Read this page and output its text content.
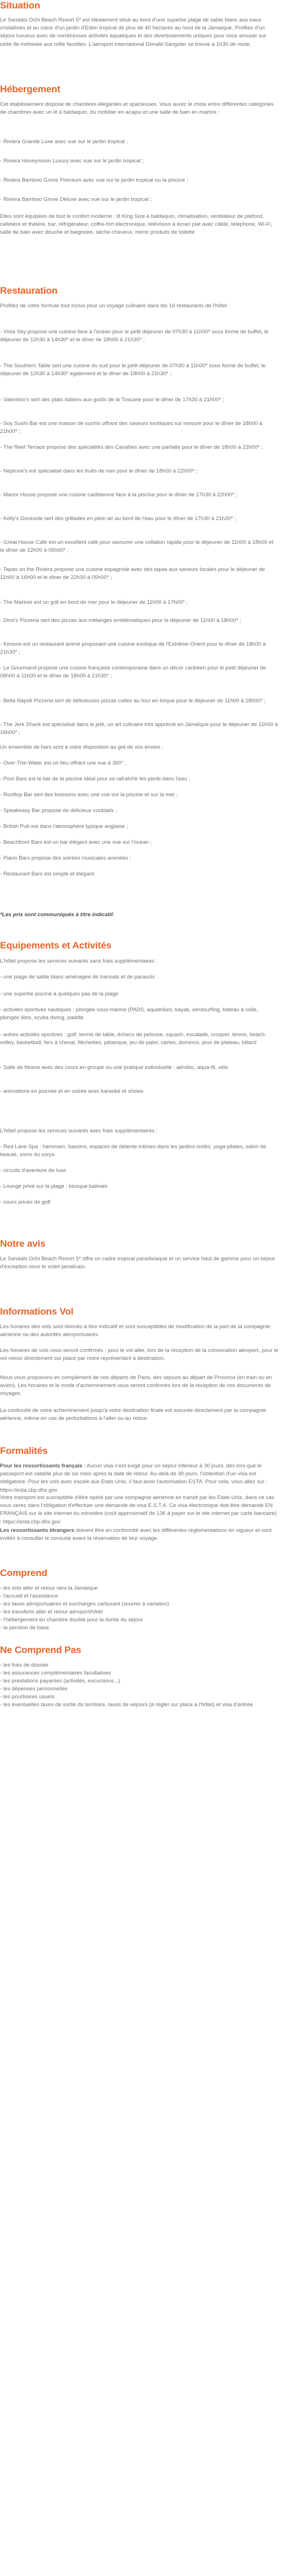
Situation

Le Sandals Ochi Beach Resort 5* est idéalement situé au bord d'une superbe plage de sable blanc aux eaux cristallines et au cœur d'un jardin d'Eden tropical de plus de 40 hectares au nord de la Jamaïque. Profitez d'un séjour luxueux avec de nombreuses activités aquatiques et des divertissements uniques pour vous amuser sur cette île métissée aux mille facettes. L'aéroport international Donald-Sangster se trouve à 1h30 de route.

Hébergement

Cet établissement dispose de chambres élégantes et spacieuses. Vous aurez le choix entre différentes catégories de chambres avec un lit à baldaquin, du mobilier en acajou et une salle de bain en marbre :

- Riviera Grande Luxe avec vue sur le jardin tropical ;

- Riviera Honeymoon Luxury avec vue sur le jardin tropical ;

- Riviera Bamboo Grove Premium avec vue sur le jardin tropical ou la piscine ;

- Riviera Bamboo Grove Deluxe avec vue sur le jardin tropical ;

Elles sont équipées de tout le confort moderne : lit King Size à baldaquin, climatisation, ventilateur de plafond, cafetière et théière, bar, réfrigérateur, coffre-fort électronique, télévision à écran plat avec câble, téléphone, Wi-Fi, salle de bain avec douche et baignoire, sèche-cheveux, miroir produits de toilette

Restauration

Profitez de votre formule tout inclus pour un voyage culinaire dans les 16 restaurants de l'hôtel :

- Vista Sky propose une cuisine face à l'océan pour le petit déjeuner de 07h30 à 11h00* sous forme de buffet, le déjeuner de 12h30 à 14h30* et le dîner de 18h00 à 21h30* ;

- The Southern Table sert une cuisine du sud pour le petit déjeuner de 07h30 à 11h00* sous forme de buffet, le déjeuner de 12h30 à 14h30* également et le dîner de 18h00 à 21h30* ;

- Valentino's sert des plats italiens aux goûts de la Toscane pour le dîner de 17h30 à 21h00* ;

- Soy Sushi Bar est une maison de sushis offrant des saveurs exotiques sur mesure pour le dîner de 18h00 à 21h00* ;

- The Reef Terrace propose des spécialités des Caraïbes avec une parfaite pour le dîner de 18h00 à 22h00* ;

- Neptune's est spécialisé dans les fruits de mer pour le dîner de 18h00 à 22h00* ;

- Manor House propose une cuisine caribéenne face à la piscine pour le dîner de 17h30 à 22h00* ;

- Kelly's Dockside sert des grillades en plein air au bord de l'eau pour le dîner de 17h30 à 21h30* ;

- Great House Café est un excellent café pour savourer une collation rapide pour le déjeuner de 11h00 à 18h00 et le dîner de 22h00 à 05h00* ;

- Tapas on the Riviera propose une cuisine espagnole avec des tapas aux saveurs locales pour le déjeuner de 11h00 à 16h00 et le dîner de 22h30 à 05h00* ;

- The Mariner est un grill en bord de mer pour le déjeuner de 11h00 à 17h00* ;

- Dino's Pizzeria sert des pizzas aux mélanges emblématiques pour le déjeuner de 11h00 à 18h00* ;

- Kimono est un restaurant animé proposant une cuisine exotique de l'Extrême-Orient pour le dîner de 18h00 à 21h30* ;

- Le Gourmand propose une cuisine française contemporaine dans un décor caribéen pour le petit déjeuner de 08h00 à 11h00 et le dîner de 18h00 à 21h30* ;

- Bella Napoli Pizzeria sert de délicieuses pizzas cuites au four en brique pour le déjeuner de 11h00 à 18h00* ;

- The Jerk Shack est spécialisé dans le jerk, un art culinaire très apprécié en Jamaïque pour le déjeuner de 11h00 à 16h00* ;

Un ensemble de bars sont à votre disposition au gré de vos envies :

- Over-The-Water est un lieu offrant une vue à 360° ;

- Pool Bars est le bar de la piscine idéal pour se rafraîchir les pieds dans l'eau ;

- Rooftop Bar sert des boissons avec une vue sur la piscine et sur la mer ;

- Speakeasy Bar propose de délicieux cocktails ;

- British Pub est dans l'atmosphère typique anglaise ;

- Beachfront Bars est un bar élégant avec une vue sur l'océan ;

- Piano Bars propose des soirées musicales animées ;

- Restaurant Bars est simple et élégant.

*Les prix sont communiqués à titre indicatif.

Equipements et Activités

L'hôtel propose les services suivants sans frais supplémentaires :

- une plage de sable blanc aménagée de transats et de parasols

- une superbe piscine à quelques pas de la plage

- activités sportives nautiques : plongée sous-marine (PADI), aquatrikes, kayak, windsurfing, bateau à voile, plongée libre, scuba diving, paddle

- autres activités sportives : golf, tennis de table, échecs de pelouse, squash, escalade, croquet, tennis, beach-volley, basketball, fers à cheval, fléchettes, pétanque, jeu de palet, cartes, dominos, jeux de plateau, billard

- Salle de fitness avec des cours en groupe ou une pratique individuelle : aérobic, aqua-fit, vélo

- animations en journée et en soirée avec karaoké et shows

L'hôtel propose les services suivants avec frais supplémentaires :

- Red Lane Spa : hammam, bassins, espaces de détente intimes dans les jardins isolés, yoga-pilates, salon de beauté, soins du corps

- circuits d'aventure de luxe

- Lounge privé sur la plage : kiosque balinais

- cours privés de golf

Notre avis

Le Sandals Ochi Beach Resort 5* offre un cadre tropical paradisiaque et un service haut de gamme pour un séjour d'exception sous le soleil jamaïcain.

Informations Vol

Les horaires des vols sont donnés à titre indicatif et sont susceptibles de modification de la part de la compagnie aérienne ou des autorités aéroportuaires.

Les horaires de vols vous seront confirmés : pour le vol aller, lors de la réception de la convocation aéroport, pour le vol retour directement sur place par notre représentant à destination.

Nous vous proposons en complément de nos départs de Paris, des séjours au départ de Province (en train ou en avion). Les horaires et le mode d'acheminement vous seront confirmés lors de la réception de vos documents de voyages.

La continuité de votre acheminement jusqu'à votre destination finale est assurée directement par la compagnie aérienne, même en cas de perturbations à l'aller ou au retour.

Formalités

Pour les ressortissants français : Aucun visa n'est exigé pour un séjour inférieur à 30 jours, dès lors que le passeport est valable plus de six mois après la date de retour. Au-delà de 30 jours, l'obtention d'un visa est obligatoire. Pour les vols avec escale aux Etats Unis, il faut avoir l'autorisation ESTA. Pour cela, vous allez sur : https://esta.cbp.dhs.gov

Votre transport est susceptible d'être opéré par une compagnie aérienne en transit par les Etats-Unis, dans ce cas vous serez dans l'obligation d'effectuer une demande de visa E.S.T.A. Ce visa électronique doit être demandé EN FRANÇAIS sur le site internet du ministère (coût approximatif de 13€ à payer sur le site internet par carte bancaire) : https://esta.cbp.dhs.gov

Les ressortissants étrangers doivent être en conformité avec les différentes réglementations en vigueur et sont invités à consulter le consulat avant la réservation de leur voyage.

Comprend

- les vols aller et retour vers la Jamaïque

- l'accueil et l'assistance

- les taxes aéroportuaires et surcharges carburant (soumis à variation)

- les transferts aller et retour aéroport/hôtel

- l'hébergement en chambre double pour la durée du séjour

- la pension de base

Ne Comprend Pas

- les frais de dossier

- les assurances complémentaires facultatives

- les prestations payantes (activités, excursions...)

- les dépenses personnelles

- les pourboires usuels

- les éventuelles taxes de sortie du territoire, taxes de séjours (à régler sur place à l'hôtel) et visa d'entrée
